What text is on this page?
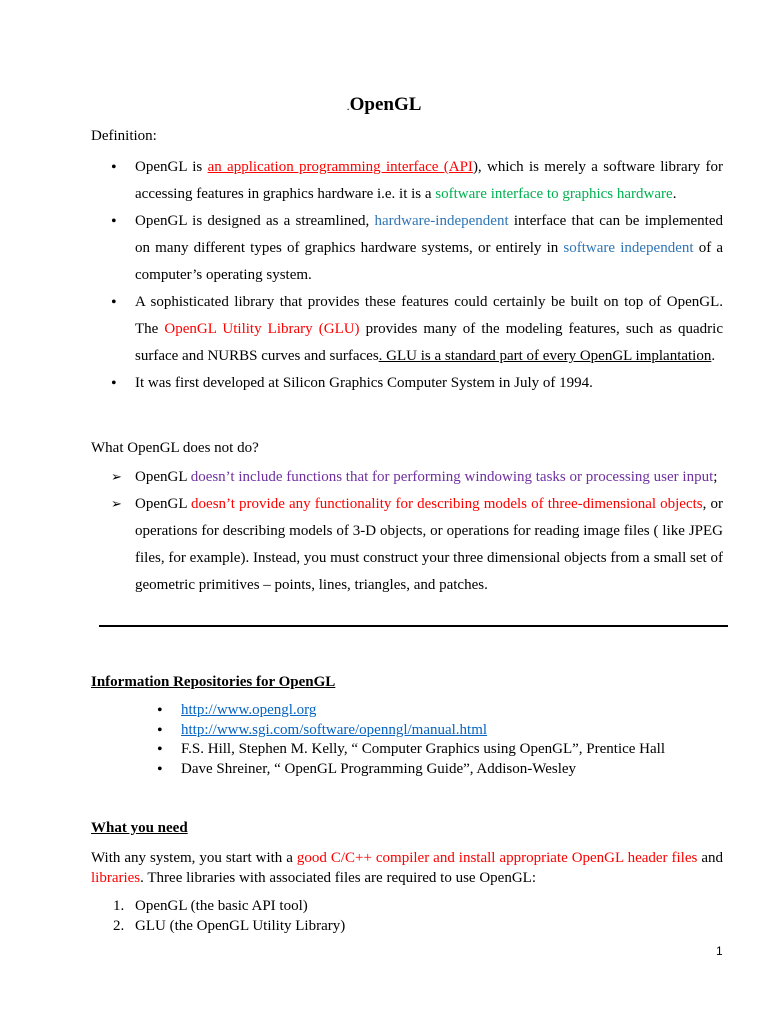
.OpenGL
Definition:
• OpenGL is an application programming interface (API), which is merely a software library for accessing features in graphics hardware i.e. it is a software interface to graphics hardware.
• OpenGL is designed as a streamlined, hardware-independent interface that can be implemented on many different types of graphics hardware systems, or entirely in software independent of a computer’s operating system.
• A sophisticated library that provides these features could certainly be built on top of OpenGL. The OpenGL Utility Library (GLU) provides many of the modeling features, such as quadric surface and NURBS curves and surfaces. GLU is a standard part of every OpenGL implantation.
• It was first developed at Silicon Graphics Computer System in July of 1994.
What OpenGL does not do?
➢ OpenGL doesn’t include functions that for performing windowing tasks or processing user input;
➢ OpenGL doesn’t provide any functionality for describing models of three-dimensional objects, or operations for describing models of 3-D objects, or operations for reading image files ( like JPEG files, for example). Instead, you must construct your three dimensional objects from a small set of geometric primitives – points, lines, triangles, and patches.
Information Repositories for OpenGL
• http://www.opengl.org
• http://www.sgi.com/software/openngl/manual.html
• F.S. Hill, Stephen M. Kelly, “ Computer Graphics using OpenGL”, Prentice Hall
• Dave Shreiner, “ OpenGL Programming Guide”, Addison-Wesley
What you need
With any system, you start with a good C/C++ compiler and install appropriate OpenGL header files and libraries. Three libraries with associated files are required to use OpenGL:
1. OpenGL (the basic API tool)
2. GLU (the OpenGL Utility Library)
1
